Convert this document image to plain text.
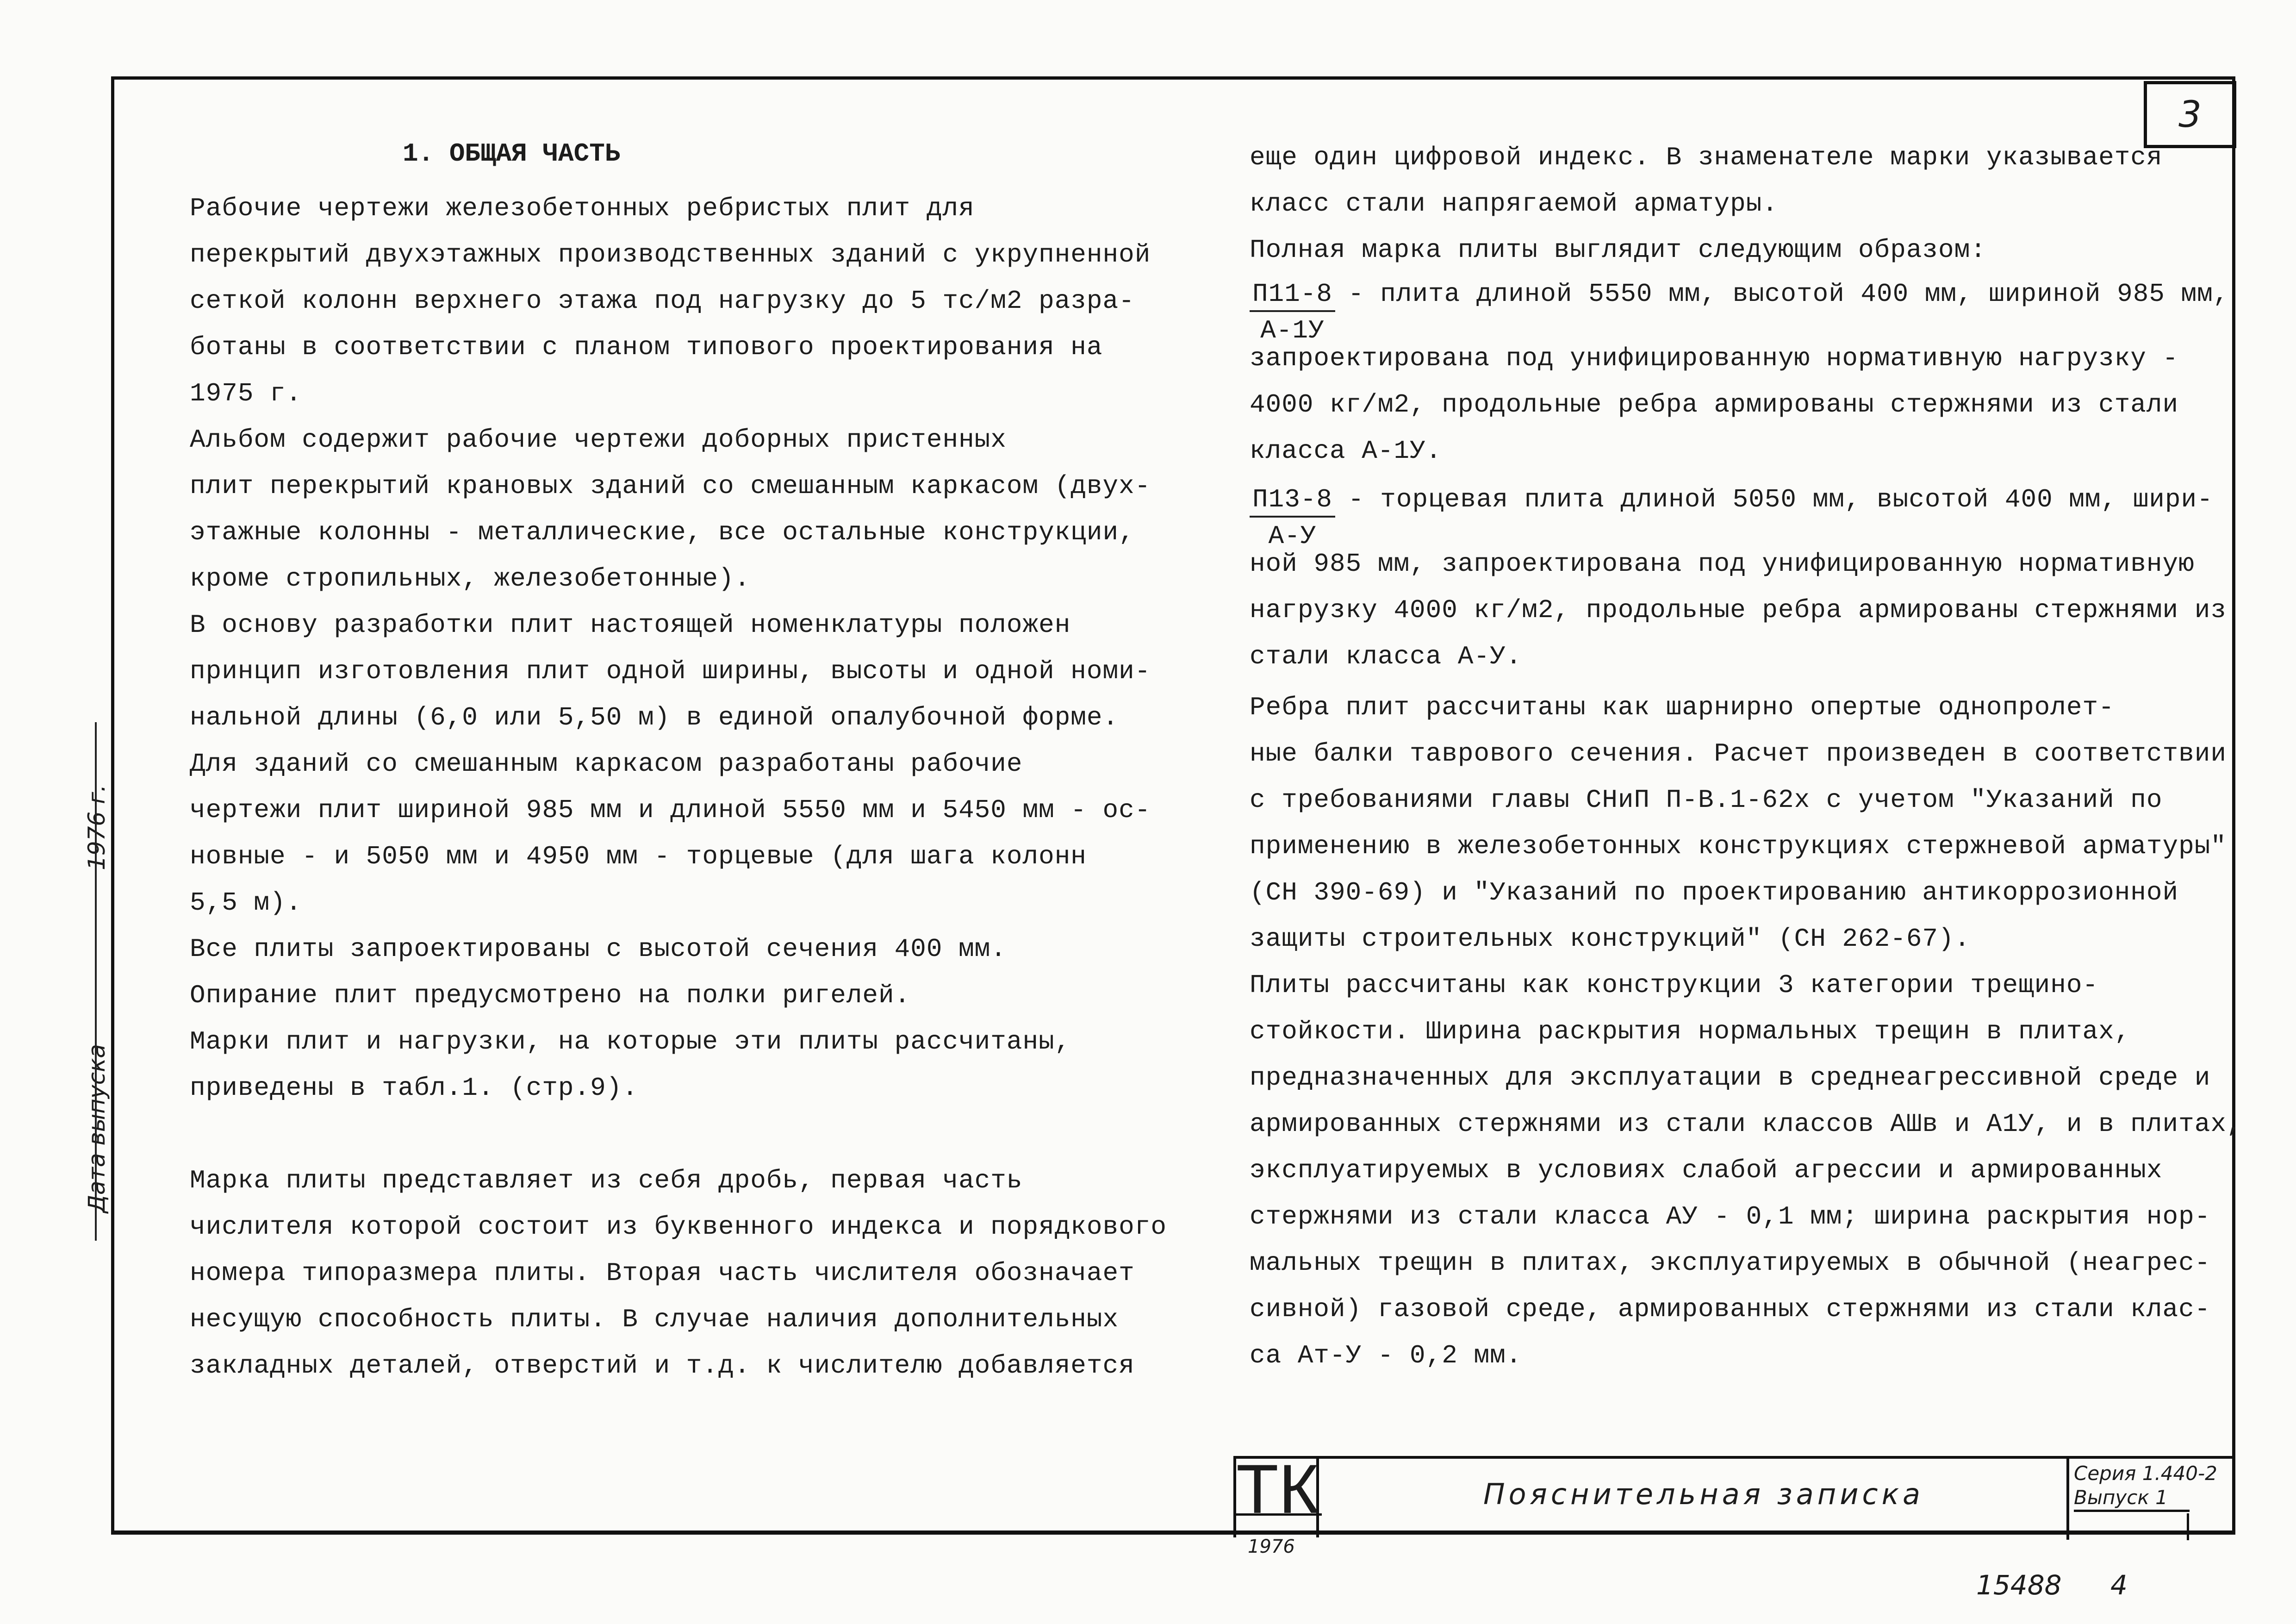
3
1. ОБЩАЯ ЧАСТЬ

Рабочие чертежи железобетонных ребристых плит для

перекрытий двухэтажных производственных зданий с укрупненной

сеткой колонн верхнего этажа под нагрузку до 5 тс/м2 разра-

ботаны в соответствии с планом типового проектирования на

1975 г.

Альбом содержит рабочие чертежи доборных пристенных

плит перекрытий крановых зданий со смешанным каркасом (двух-

этажные колонны - металлические, все остальные конструкции,

кроме стропильных, железобетонные).

В основу разработки плит настоящей номенклатуры положен

принцип изготовления плит одной ширины, высоты и одной номи-

нальной длины (6,0 или 5,50 м) в единой опалубочной форме.

Для зданий со смешанным каркасом разработаны рабочие

чертежи плит шириной 985 мм и длиной 5550 мм и 5450 мм - ос-

новные - и 5050 мм и 4950 мм - торцевые (для шага колонн

5,5 м).

Все плиты запроектированы с высотой сечения 400 мм.

Опирание плит предусмотрено на полки ригелей.

Марки плит и нагрузки, на которые эти плиты рассчитаны,

приведены в табл.1. (стр.9).

Марка плиты представляет из себя дробь, первая часть

числителя которой состоит из буквенного индекса и порядкового

номера типоразмера плиты. Вторая часть числителя обозначает

несущую способность плиты. В случае наличия дополнительных

закладных деталей, отверстий и т.д. к числителю добавляется

еще один цифровой индекс. В знаменателе марки указывается

класс стали напрягаемой арматуры.

Полная марка плиты выглядит следующим образом:

$\frac{П11-8}{А-1У}$ - плита длиной 5550 мм, высотой 400 мм, шириной 985 мм,

запроектирована под унифицированную нормативную нагрузку -

4000 кг/м2, продольные ребра армированы стержнями из стали

класса А-1У.

$\frac{П13-8}{А-У}$ - торцевая плита длиной 5050 мм, высотой 400 мм, шири-

ной 985 мм, запроектирована под унифицированную нормативную

нагрузку 4000 кг/м2, продольные ребра армированы стержнями из

стали класса А-У.

Ребра плит рассчитаны как шарнирно опертые однопролет-

ные балки таврового сечения. Расчет произведен в соответствии

с требованиями главы СНиП П-В.1-62х с учетом "Указаний по

применению в железобетонных конструкциях стержневой арматуры"

(СН 390-69) и "Указаний по проектированию антикоррозионной

защиты строительных конструкций" (СН 262-67).

Плиты рассчитаны как конструкции 3 категории трещино-

стойкости. Ширина раскрытия нормальных трещин в плитах,

предназначенных для эксплуатации в среднеагрессивной среде и

армированных стержнями из стали классов АШв и А1У, и в плитах,

эксплуатируемых в условиях слабой агрессии и армированных

стержнями из стали класса АУ - 0,1 мм; ширина раскрытия нор-

мальных трещин в плитах, эксплуатируемых в обычной (неагрес-

сивной) газовой среде, армированных стержнями из стали клас-

са Ат-У - 0,2 мм.

ТК
1976
Пояснительная записка
Серия 1.440-2
Выпуск 1
15488 4
Дата выпуска
1976 г.
